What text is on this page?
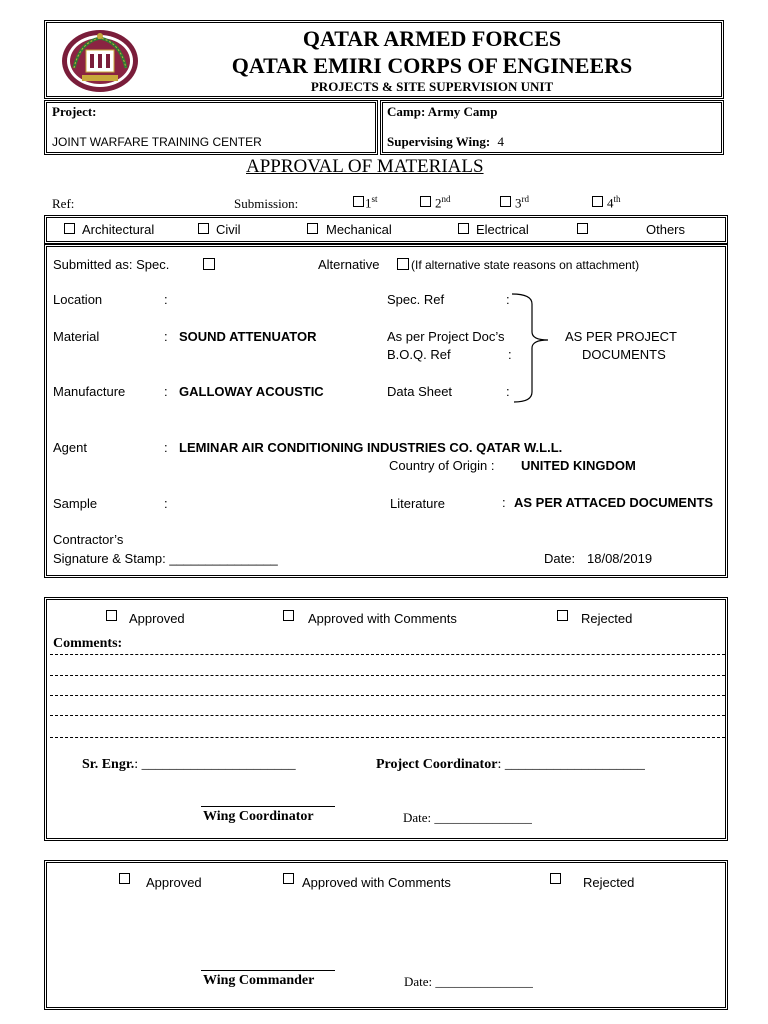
QATAR ARMED FORCES
QATAR EMIRI CORPS OF ENGINEERS
PROJECTS & SITE SUPERVISION UNIT
Project:
JOINT WARFARE TRAINING CENTER
Camp: Army Camp
Supervising Wing: 4
APPROVAL OF MATERIALS
Ref:	Submission:	1st	2nd	3rd	4th
Architectural	Civil	Mechanical	Electrical	Others
Submitted as: Spec.	Alternative	(If alternative state reasons on attachment)
Location	:	Spec. Ref	:
Material	: SOUND ATTENUATOR	As per Project Doc’s
B.O.Q. Ref	:
AS PER PROJECT
DOCUMENTS
Manufacture	: GALLOWAY ACOUSTIC	Data Sheet	:
Agent	: LEMINAR AIR CONDITIONING INDUSTRIES CO. QATAR W.L.L.
Country of Origin : UNITED KINGDOM
Sample	:	Literature	: AS PER ATTACED DOCUMENTS
Contractor’s
Signature & Stamp: _______________	Date: 18/08/2019
Approved	Approved with Comments	Rejected
Comments:
Sr. Engr.: ______________________	Project Coordinator: ____________________
Wing Coordinator	Date: _______________
Approved	Approved with Comments	Rejected
Wing Commander	Date: _______________
